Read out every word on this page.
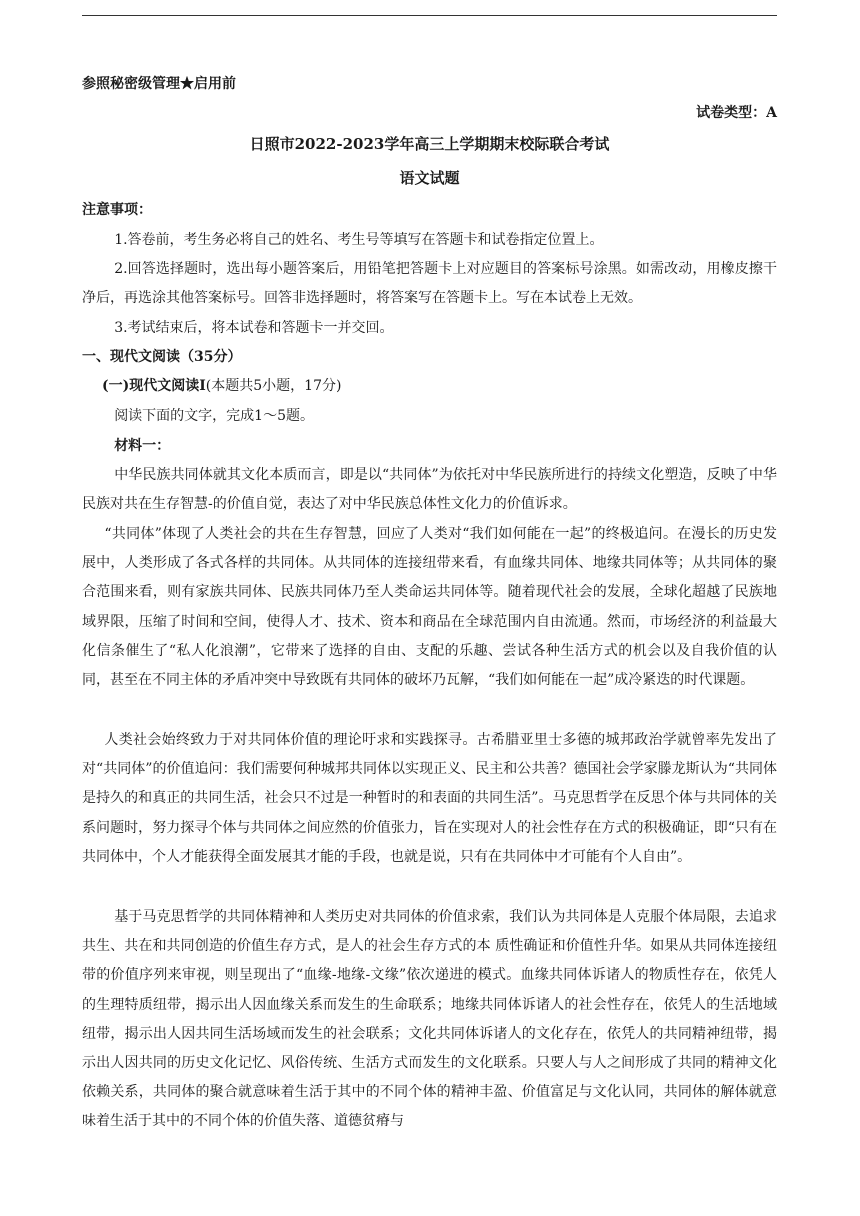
参照秘密级管理★启用前
试卷类型：A
日照市2022-2023学年高三上学期期末校际联合考试
语文试题
注意事项：
1.答卷前，考生务必将自己的姓名、考生号等填写在答题卡和试卷指定位置上。
2.回答选择题时，选出每小题答案后，用铅笔把答题卡上对应题目的答案标号涂黑。如需改动，用橡皮擦干净后，再选涂其他答案标号。回答非选择题时，将答案写在答题卡上。写在本试卷上无效。
3.考试结束后，将本试卷和答题卡一并交回。
一、现代文阅读（35分）
(一)现代文阅读Ⅰ(本题共5小题，17分)
阅读下面的文字，完成1～5题。
材料一：
中华民族共同体就其文化本质而言，即是以“共同体”为依托对中华民族所进行的持续文化塑造，反映了中华民族对共在生存智慧-的价值自觉，表达了对中华民族总体性文化力的价值诉求。
“共同体”体现了人类社会的共在生存智慧，回应了人类对“我们如何能在一起”的终极追问。在漫长的历史发展中，人类形成了各式各样的共同体。从共同体的连接纽带来看，有血缘共同体、地缘共同体等；从共同体的聚合范围来看，则有家族共同体、民族共同体乃至人类命运共同体等。随着现代社会的发展，全球化超越了民族地域界限，压缩了时间和空间，使得人才、技术、资本和商品在全球范围内自由流通。然而，市场经济的利益最大化信条催生了“私人化浪潮”，它带来了选择的自由、支配的乐趣、尝试各种生活方式的机会以及自我价值的认同，甚至在不同主体的矛盾冲突中导致既有共同体的破坏乃瓦解，“我们如何能在一起”成冷紧迭的时代课题。
人类社会始终致力于对共同体价值的理论吁求和实践探寻。古希腊亚里士多德的城邦政治学就曾率先发出了对“共同体”的价值追问：我们需要何种城邦共同体以实现正义、民主和公共善？德国社会学家滕龙斯认为“共同体是持久的和真正的共同生活，社会只不过是一种暂时的和表面的共同生活”。马克思哲学在反思个体与共同体的关系问题时，努力探寻个体与共同体之间应然的价值张力，旨在实现对人的社会性存在方式的积极确证，即“只有在共同体中，个人才能获得全面发展其才能的手段，也就是说，只有在共同体中才可能有个人自由”。
基于马克思哲学的共同体精神和人类历史对共同体的价值求索，我们认为共同体是人克服个体局限，去追求共生、共在和共同创造的价值生存方式，是人的社会生存方式的本 质性确证和价值性升华。如果从共同体连接纽带的价值序列来审视，则呈现出了“血缘-地缘-文缘”依次递进的模式。血缘共同体诉诸人的物质性存在，依凭人的生理特质纽带，揭示出人因血缘关系而发生的生命联系；地缘共同体诉诸人的社会性存在，依凭人的生活地域纽带，揭示出人因共同生活场域而发生的社会联系；文化共同体诉诸人的文化存在，依凭人的共同精神纽带，揭示出人因共同的历史文化记忆、风俗传统、生活方式而发生的文化联系。只要人与人之间形成了共同的精神文化依赖关系，共同体的聚合就意味着生活于其中的不同个体的精神丰盈、价值富足与文化认同，共同体的解体就意味着生活于其中的不同个体的价值失落、道德贫瘠与
